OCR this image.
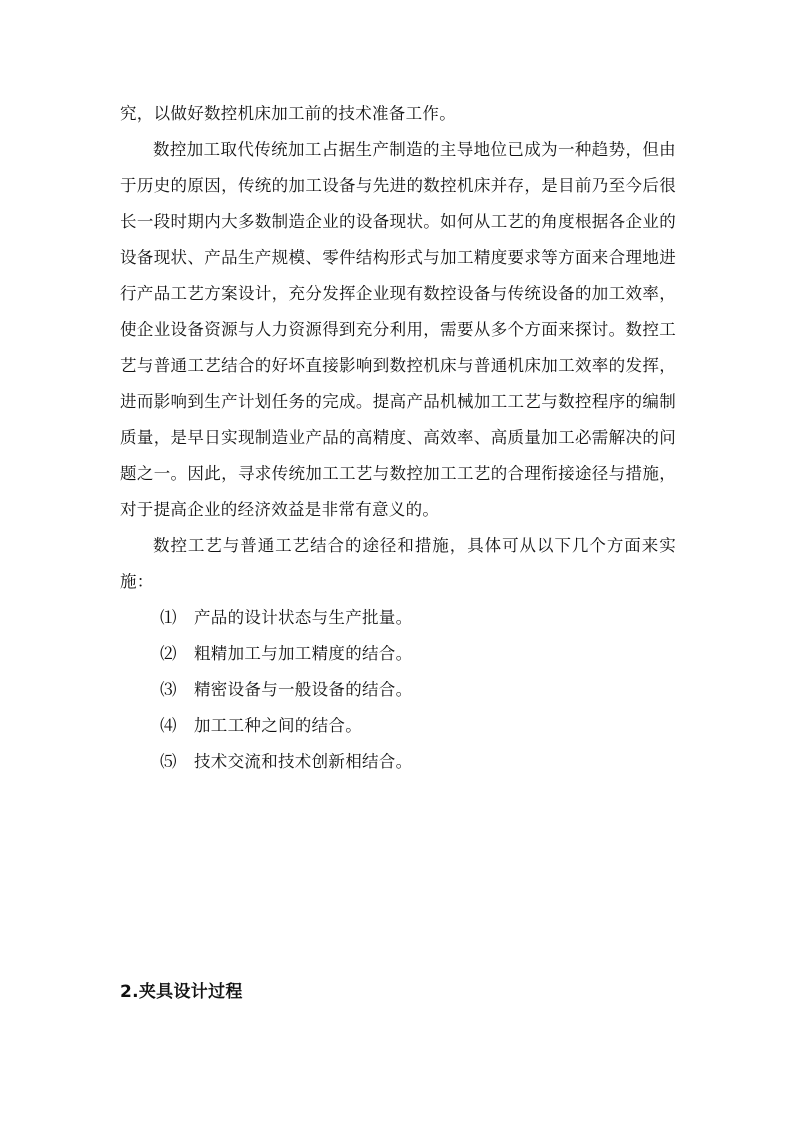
究，以做好数控机床加工前的技术准备工作。

数控加工取代传统加工占据生产制造的主导地位已成为一种趋势，但由于历史的原因，传统的加工设备与先进的数控机床并存，是目前乃至今后很长一段时期内大多数制造企业的设备现状。如何从工艺的角度根据各企业的设备现状、产品生产规模、零件结构形式与加工精度要求等方面来合理地进行产品工艺方案设计，充分发挥企业现有数控设备与传统设备的加工效率，使企业设备资源与人力资源得到充分利用，需要从多个方面来探讨。数控工艺与普通工艺结合的好坏直接影响到数控机床与普通机床加工效率的发挥，进而影响到生产计划任务的完成。提高产品机械加工工艺与数控程序的编制质量，是早日实现制造业产品的高精度、高效率、高质量加工必需解决的问题之一。因此，寻求传统加工工艺与数控加工工艺的合理衔接途径与措施，对于提高企业的经济效益是非常有意义的。

数控工艺与普通工艺结合的途径和措施，具体可从以下几个方面来实施：

⑴ 产品的设计状态与生产批量。
⑵ 粗精加工与加工精度的结合。
⑶ 精密设备与一般设备的结合。
⑷ 加工工种之间的结合。
⑸ 技术交流和技术创新相结合。
2.夹具设计过程
